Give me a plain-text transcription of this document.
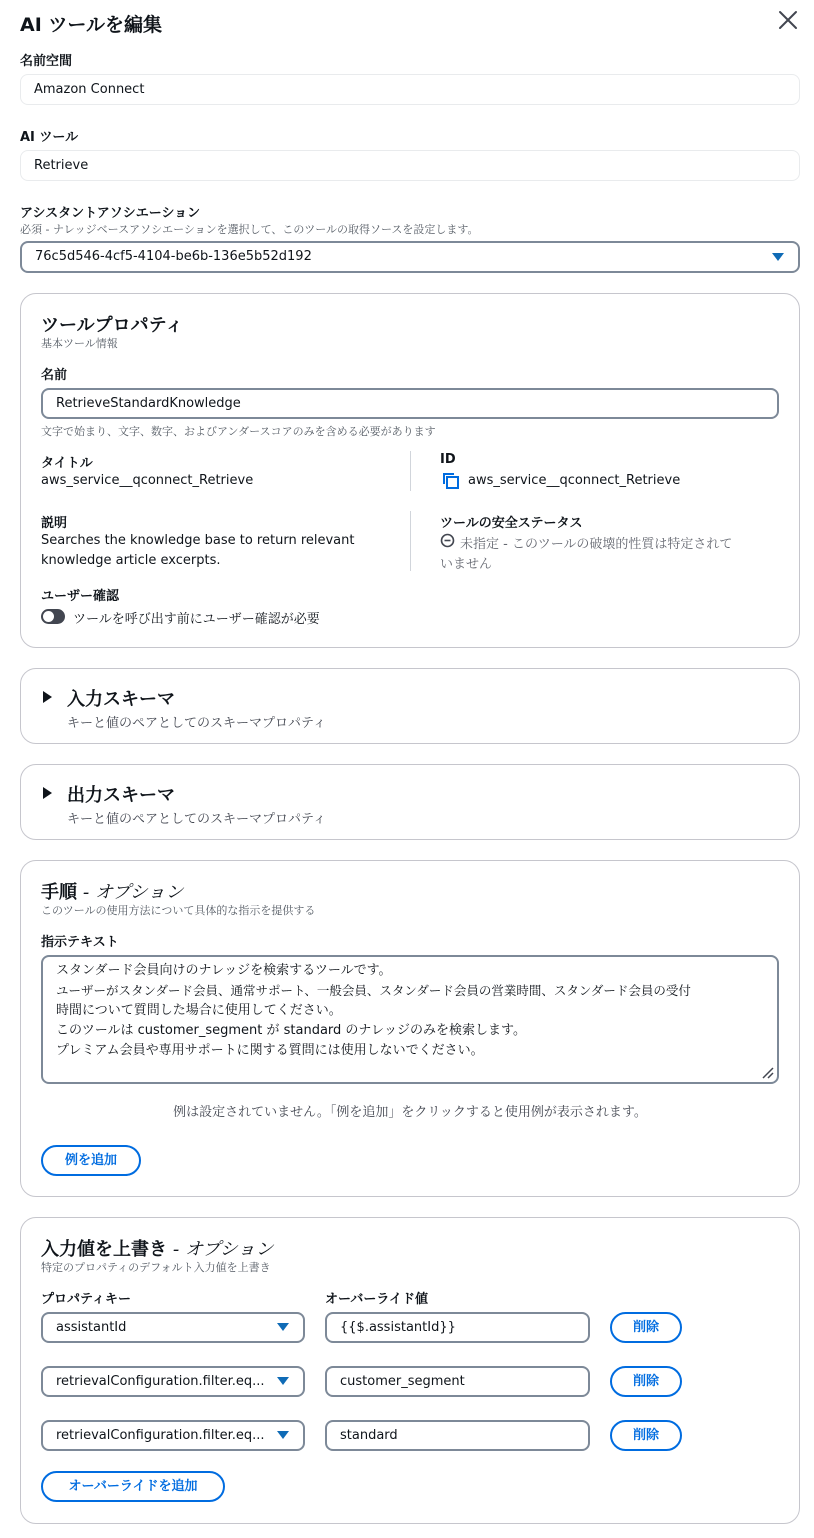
AI ツールを編集
名前空間
Amazon Connect
AI ツール
Retrieve
アシスタントアソシエーション
必須 - ナレッジベースアソシエーションを選択して、このツールの取得ソースを設定します。
76c5d546-4cf5-4104-be6b-136e5b52d192
ツールプロパティ
基本ツール情報
名前
RetrieveStandardKnowledge
文字で始まり、文字、数字、およびアンダースコアのみを含める必要があります
タイトル
aws_service__qconnect_Retrieve
ID
aws_service__qconnect_Retrieve
説明
Searches the knowledge base to return relevant
knowledge article excerpts.
ツールの安全ステータス
未指定 - このツールの破壊的性質は特定されて
いません
ユーザー確認
ツールを呼び出す前にユーザー確認が必要
入力スキーマ
キーと値のペアとしてのスキーマプロパティ
出力スキーマ
キーと値のペアとしてのスキーマプロパティ
手順 - オプション
このツールの使用方法について具体的な指示を提供する
指示テキスト
スタンダード会員向けのナレッジを検索するツールです。
ユーザーがスタンダード会員、通常サポート、一般会員、スタンダード会員の営業時間、スタンダード会員の受付
時間について質問した場合に使用してください。
このツールは customer_segment が standard のナレッジのみを検索します。
プレミアム会員や専用サポートに関する質問には使用しないでください。
例は設定されていません。「例を追加」をクリックすると使用例が表示されます。
例を追加
入力値を上書き - オプション
特定のプロパティのデフォルト入力値を上書き
プロパティキー	オーバーライド値
assistantId	{{$.assistantId}}	削除
retrievalConfiguration.filter.eq...	customer_segment	削除
retrievalConfiguration.filter.eq...	standard	削除
オーバーライドを追加
